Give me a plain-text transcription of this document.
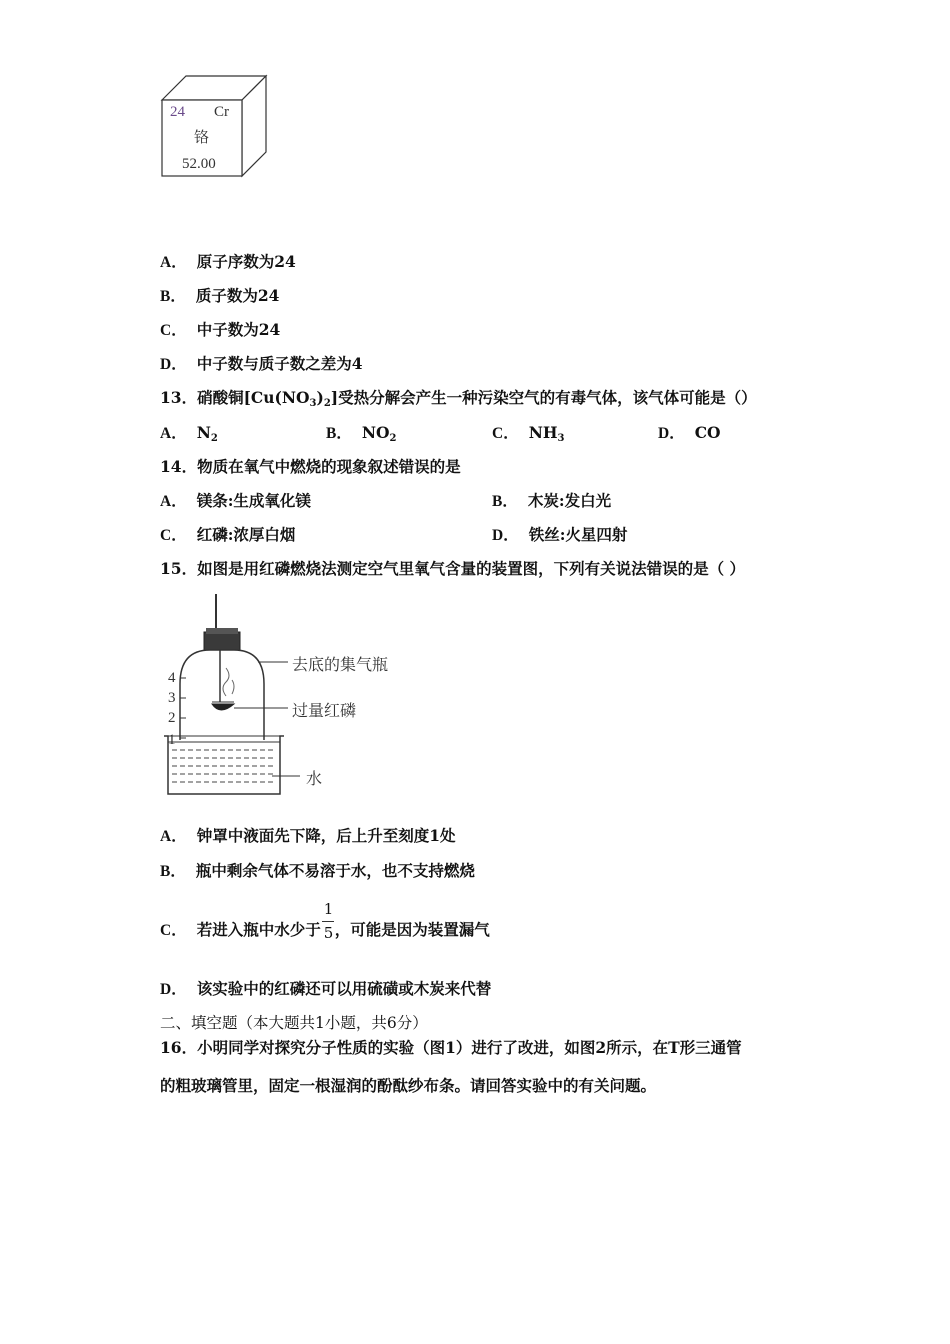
24 Cr
铬
52.00
A． 原子序数为24
B． 质子数为24
C． 中子数为24
D． 中子数与质子数之差为4
13．硝酸铜$[Cu(NO_3)_2]$受热分解会产生一种污染空气的有毒气体，该气体可能是（）
A． $N_2$	B． $NO_2$	C． $NH_3$	D． CO
14．物质在氧气中燃烧的现象叙述错误的是
A． 镁条:生成氧化镁	B． 木炭:发白光
C． 红磷:浓厚白烟	D． 铁丝:火星四射
15．如图是用红磷燃烧法测定空气里氧气含量的装置图，下列有关说法错误的是（ ）
4
3
2
1
去底的集气瓶
过量红磷
水
A． 钟罩中液面先下降，后上升至刻度1处
B． 瓶中剩余气体不易溶于水，也不支持燃烧
C． 若进入瓶中水少于 $\frac{1}{5}$ ，可能是因为装置漏气
D． 该实验中的红磷还可以用硫磺或木炭来代替
二、填空题（本大题共1小题，共6分）
16．小明同学对探究分子性质的实验（图1）进行了改进，如图2所示，在T形三通管
的粗玻璃管里，固定一根湿润的酚酞纱布条。请回答实验中的有关问题。
